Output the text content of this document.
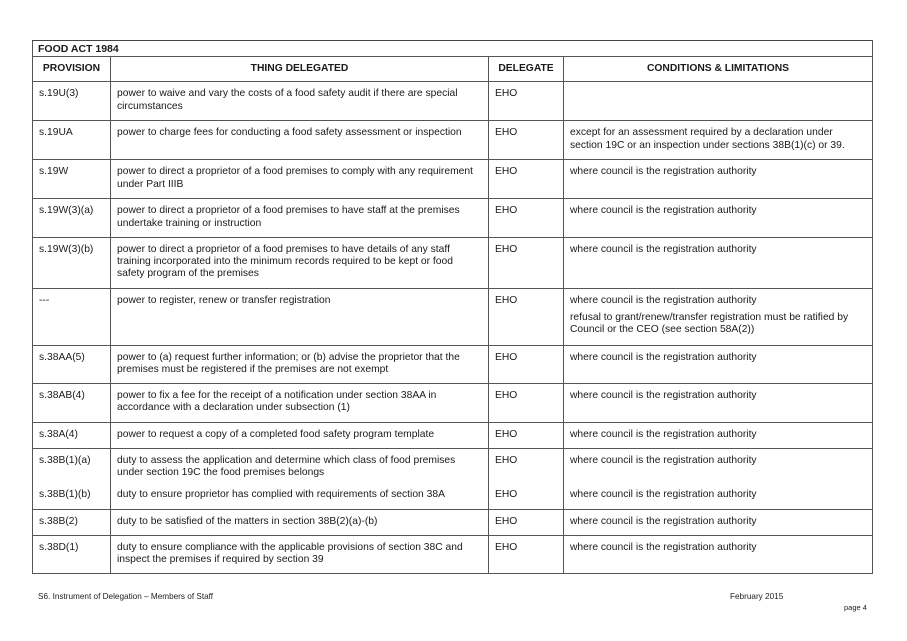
FOOD ACT 1984			
PROVISION	THING DELEGATED	DELEGATE	CONDITIONS & LIMITATIONS
s.19U(3)	power to waive and vary the costs of a food safety audit if there are special circumstances	EHO	
s.19UA	power to charge fees for conducting a food safety assessment or inspection	EHO	except for an assessment required by a declaration under section 19C or an inspection under sections 38B(1)(c) or 39.
s.19W	power to direct a proprietor of a food premises to comply with any requirement under Part IIIB	EHO	where council is the registration authority
s.19W(3)(a)	power to direct a proprietor of a food premises to have staff at the premises undertake training or instruction	EHO	where council is the registration authority
s.19W(3)(b)	power to direct a proprietor of a food premises to have details of any staff training incorporated into the minimum records required to be kept or food safety program of the premises	EHO	where council is the registration authority
---	power to register, renew or transfer registration	EHO	where council is the registration authority
refusal to grant/renew/transfer registration must be ratified by Council or the CEO (see section 58A(2))

s.38AA(5)	power to (a) request further information; or (b) advise the proprietor that the premises must be registered if the premises are not exempt	EHO	where council is the registration authority
s.38AB(4)	power to fix a fee for the receipt of a notification under section 38AA in accordance with a declaration under subsection (1)	EHO	where council is the registration authority
s.38A(4)	power to request a copy of a completed food safety program template	EHO	where council is the registration authority
s.38B(1)(a)	duty to assess the application and determine which class of food premises under section 19C the food premises belongs	EHO	where council is the registration authority
s.38B(1)(b)	duty to ensure proprietor has complied with requirements of section 38A	EHO	where council is the registration authority
s.38B(2)	duty to be satisfied of the matters in section 38B(2)(a)-(b)	EHO	where council is the registration authority
s.38D(1)	duty to ensure compliance with the applicable provisions of section 38C and inspect the premises if required by section 39	EHO	where council is the registration authority
S6. Instrument of Delegation – Members of Staff	February 2015
page 4
